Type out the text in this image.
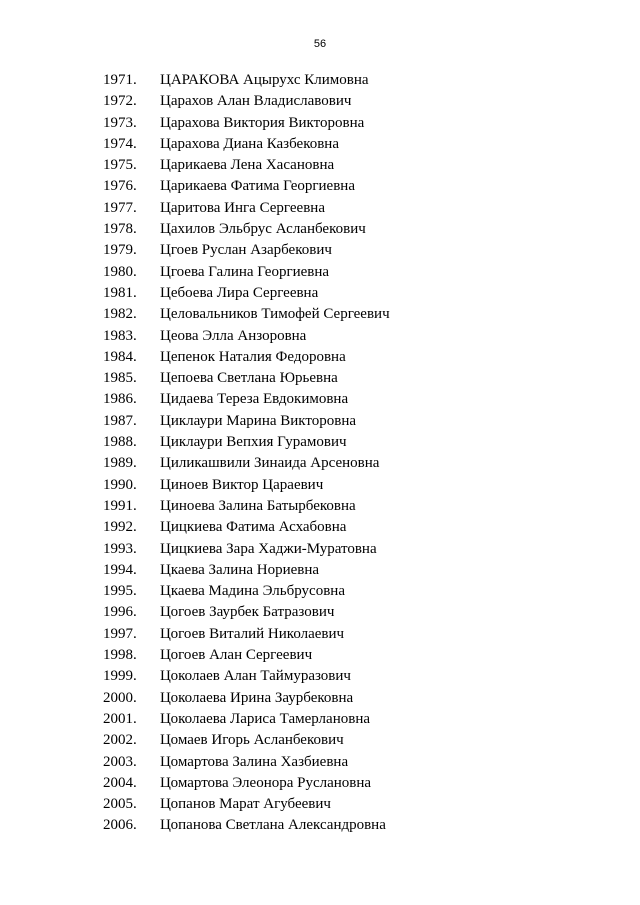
56
1971. ЦАРАКОВА Ацырухс Климовна
1972. Царахов Алан Владиславович
1973. Царахова Виктория Викторовна
1974. Царахова Диана Казбековна
1975. Царикаева Лена Хасановна
1976. Царикаева Фатима Георгиевна
1977. Царитова Инга Сергеевна
1978. Цахилов Эльбрус Асланбекович
1979. Цгоев Руслан Азарбекович
1980. Цгоева Галина Георгиевна
1981. Цебоева Лира Сергеевна
1982. Целовальников Тимофей Сергеевич
1983. Цеова Элла Анзоровна
1984. Цепенок Наталия Федоровна
1985. Цепоева Светлана Юрьевна
1986. Цидаева Тереза Евдокимовна
1987. Циклаури Марина Викторовна
1988. Циклаури Вепхия Гурамович
1989. Циликашвили Зинаида Арсеновна
1990. Циноев Виктор Цараевич
1991. Циноева Залина Батырбековна
1992. Цицкиева Фатима Асхабовна
1993. Цицкиева Зара Хаджи-Муратовна
1994. Цкаева Залина Нориевна
1995. Цкаева Мадина Эльбрусовна
1996. Цогоев Заурбек Батразович
1997. Цогоев Виталий Николаевич
1998. Цогоев Алан Сергеевич
1999. Цоколаев Алан Таймуразович
2000. Цоколаева Ирина Заурбековна
2001. Цоколаева Лариса Тамерлановна
2002. Цомаев Игорь Асланбекович
2003. Цомартова Залина Хазбиевна
2004. Цомартова Элеонора Руслановна
2005. Цопанов Марат Агубеевич
2006. Цопанова Светлана Александровна
